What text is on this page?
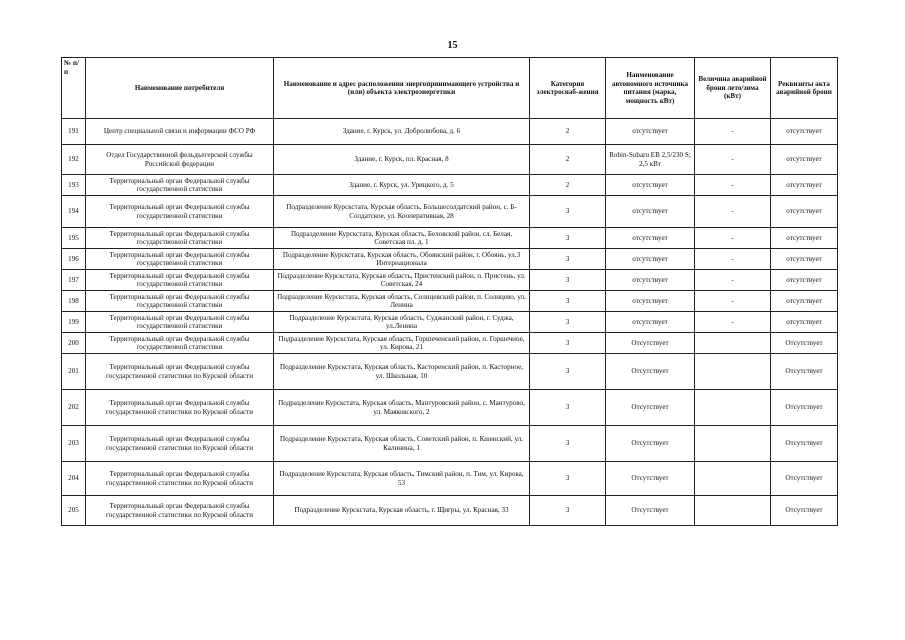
15
№ п/п	Наименование потребителя	Наименование и адрес расположения энергопринимающего устройства и (или) объекта электроэнергетики	Категория электроснаб-жения	Наименование автономного источника питания (марка, мощность кВт)	Величина аварийной брони лето/зима (кВт)	Реквизиты акта аварийной брони
191	Центр специальной связи и информации ФСО РФ	Здание, г. Курск, ул. Добролюбова, д. 6	2	отсутствует	-	отсутствует
192	Отдел Государственной фельдъегерской службы Российской федерации	Здание, г. Курск, пл. Красная, 8	2	Robin-Subaru EB 2,5/230 S; 2,5 кВт	-	отсутствует
193	Территориальный орган Федеральной службы государственной статистики	Здание, г. Курск, ул. Урицкого, д. 5	2	отсутствует	-	отсутствует
194	Территориальный орган Федеральной службы государственной статистики	Подразделение Курскстата, Курская область, Большесолдатский район, с. Б-Солдатское, ул. Кооперативная, 28	3	отсутствует	-	отсутствует
195	Территориальный орган Федеральной службы государственной статистики	Подразделение Курскстата, Курская область, Беловский район, сл. Белая, Советская пл. д. 1	3	отсутствует	-	отсутствует
196	Территориальный орган Федеральной службы государственной статистики	Подразделение Курскстата, Курская область, Обоянский район, г. Обоянь, ул.3 Интернационала	3	отсутствует	-	отсутствует
197	Территориальный орган Федеральной службы государственной статистики	Подразделение Курскстата, Курская область, Пристенский район, п. Пристень, ул. Советская, 24	3	отсутствует	-	отсутствует
198	Территориальный орган Федеральной службы государственной статистики	Подразделение Курскстата, Курская область, Солнцевский район, п. Солнцево, ул. Ленина	3	отсутствует	-	отсутствует
199	Территориальный орган Федеральной службы государственной статистики	Подразделение Курскстата, Курская область, Суджанский район, г. Суджа, ул.Ленина	3	отсутствует	-	отсутствует
200	Территориальный орган Федеральной службы государственной статистики	Подразделение Курскстата, Курская область, Горшеченский район, п. Горшечное, ул. Кирова, 21	3	Отсутствует		Отсутствует
201	Территориальный орган Федеральной службы государственной статистики по Курской области	Подразделение Курскстата, Курская область, Касторенский район, п. Касторное, ул. Школьная, 10	3	Отсутствует		Отсутствует
202	Территориальный орган Федеральной службы государственной статистики по Курской области	Подразделение Курскстата, Курская область, Мантуровский район, с. Мантурово, ул. Маяковского, 2	3	Отсутствует		Отсутствует
203	Территориальный орган Федеральной службы государственной статистики по Курской области	Подразделение Курскстата, Курская область, Советский район, п. Кшенский, ул. Калинина, 1	3	Отсутствует		Отсутствует
204	Территориальный орган Федеральной службы государственной статистики по Курской области	Подразделение Курскстата, Курская область, Тимский район, п. Тим, ул. Кирова, 53	3	Отсутствует		Отсутствует
205	Территориальный орган Федеральной службы государственной статистики по Курской области	Подразделение Курскстата, Курская область, г. Щигры, ул. Красная, 33	3	Отсутствует		Отсутствует
